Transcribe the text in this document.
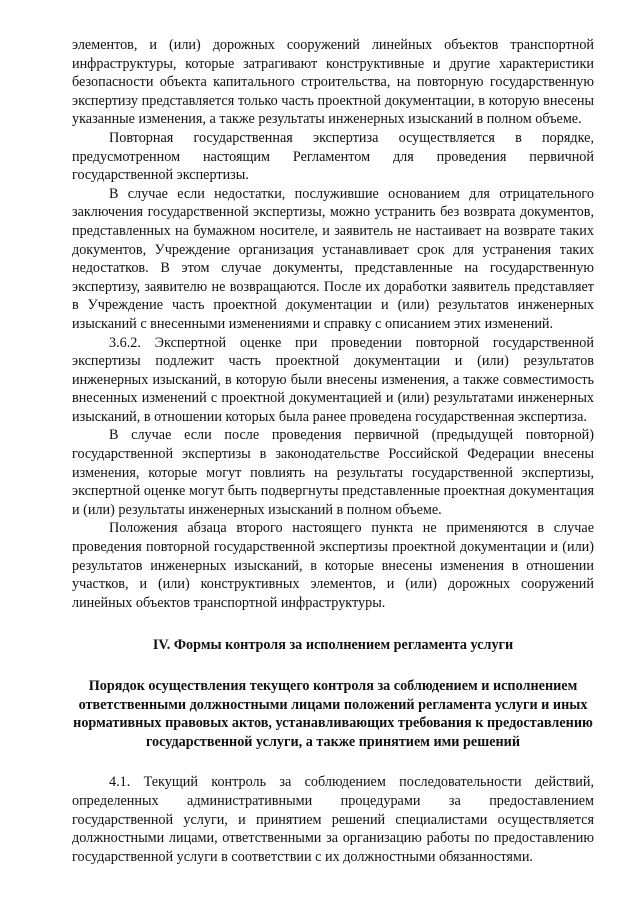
элементов, и (или) дорожных сооружений линейных объектов транспортной инфраструктуры, которые затрагивают конструктивные и другие характеристики безопасности объекта капитального строительства, на повторную государственную экспертизу представляется только часть проектной документации, в которую внесены указанные изменения, а также результаты инженерных изысканий в полном объеме.

Повторная государственная экспертиза осуществляется в порядке, предусмотренном настоящим Регламентом для проведения первичной государственной экспертизы.

В случае если недостатки, послужившие основанием для отрицательного заключения государственной экспертизы, можно устранить без возврата документов, представленных на бумажном носителе, и заявитель не настаивает на возврате таких документов, Учреждение организация устанавливает срок для устранения таких недостатков. В этом случае документы, представленные на государственную экспертизу, заявителю не возвращаются. После их доработки заявитель представляет в Учреждение часть проектной документации и (или) результатов инженерных изысканий с внесенными изменениями и справку с описанием этих изменений.

3.6.2. Экспертной оценке при проведении повторной государственной экспертизы подлежит часть проектной документации и (или) результатов инженерных изысканий, в которую были внесены изменения, а также совместимость внесенных изменений с проектной документацией и (или) результатами инженерных изысканий, в отношении которых была ранее проведена государственная экспертиза.

В случае если после проведения первичной (предыдущей повторной) государственной экспертизы в законодательстве Российской Федерации внесены изменения, которые могут повлиять на результаты государственной экспертизы, экспертной оценке могут быть подвергнуты представленные проектная документация и (или) результаты инженерных изысканий в полном объеме.

Положения абзаца второго настоящего пункта не применяются в случае проведения повторной государственной экспертизы проектной документации и (или) результатов инженерных изысканий, в которые внесены изменения в отношении участков, и (или) конструктивных элементов, и (или) дорожных сооружений линейных объектов транспортной инфраструктуры.

IV. Формы контроля за исполнением регламента услуги
Порядок осуществления текущего контроля за соблюдением и исполнением ответственными должностными лицами положений регламента услуги и иных нормативных правовых актов, устанавливающих требования к предоставлению государственной услуги, а также принятием ими решений

4.1. Текущий контроль за соблюдением последовательности действий, определенных административными процедурами за предоставлением государственной услуги, и принятием решений специалистами осуществляется должностными лицами, ответственными за организацию работы по предоставлению государственной услуги в соответствии с их должностными обязанностями.
